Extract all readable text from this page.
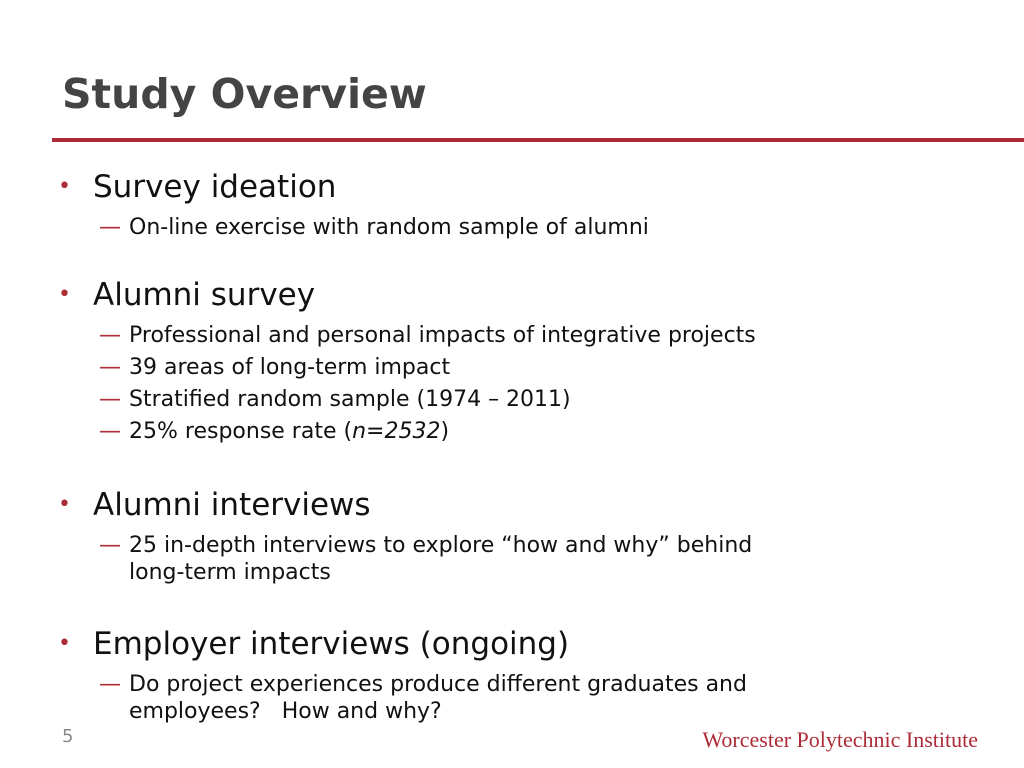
Study Overview
• Survey ideation
— On-line exercise with random sample of alumni
• Alumni survey
— Professional and personal impacts of integrative projects
— 39 areas of long-term impact
— Stratified random sample (1974 – 2011)
— 25% response rate (n=2532)
• Alumni interviews
— 25 in-depth interviews to explore “how and why” behind
long-term impacts
• Employer interviews (ongoing)
— Do project experiences produce different graduates and
employees?   How and why?
5	Worcester Polytechnic Institute
